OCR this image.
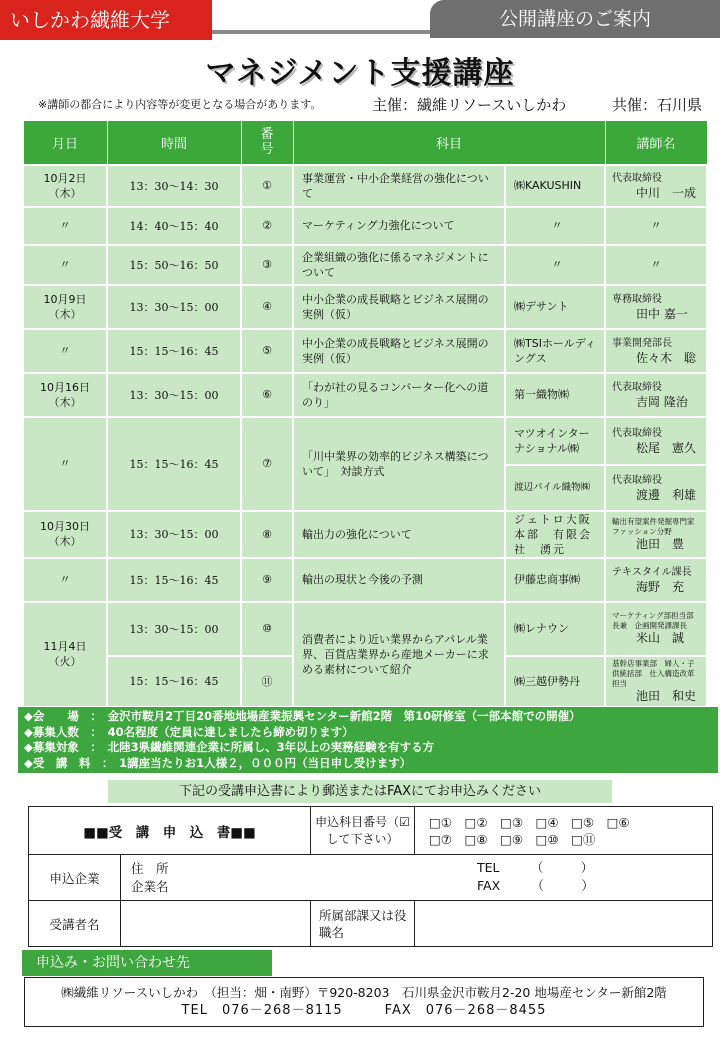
いしかわ繊維大学	公開講座のご案内
マネジメント支援講座
※講師の都合により内容等が変更となる場合があります。	主催：繊維リソースいしかわ	共催：石川県
月日	時間	番号	科目		講師名
10月2日（木）	13：30〜14：30	①	事業運営・中小企業経営の強化について	㈱KAKUSHIN	代表取締役
中川　一成

〃	14：40〜15：40	②	マーケティング力強化について	〃	〃
〃	15：50〜16：50	③	企業組織の強化に係るマネジメントについて	〃	〃
10月9日（木）	13：30〜15：00	④	中小企業の成長戦略とビジネス展開の実例（仮）	㈱デサント	専務取締役
田中 嘉一

〃	15：15〜16：45	⑤	中小企業の成長戦略とビジネス展開の実例（仮）	㈱TSIホールディングス	事業開発部長
佐々木　聡

10月16日（木）	13：30〜15：00	⑥	「わが社の見るコンバーター化への道のり」	第一織物㈱	代表取締役
吉岡 隆治

〃	15：15〜16：45	⑦	「川中業界の効率的ビジネス構築について」　対談方式	マツオインターナショナル㈱	代表取締役
松尾　憲久

				渡辺パイル織物㈱	代表取締役
渡邊　利雄

10月30日（木）	13：30〜15：00	⑧	輸出力の強化について	ジェトロ大阪本部　有限会社　湧元	輸出有望案件発掘専門家　ファッション分野
池田　豊

〃	15：15〜16：45	⑨	輸出の現状と今後の予測	伊藤忠商事㈱	テキスタイル課長
海野　充

11月4日（火）	13：30〜15：00	⑩	消費者により近い業界からアパレル業界、百貨店業界から産地メーカーに求める素材について紹介	㈱レナウン	マーケティング部担当部長兼　企画開発課課長
米山　誠

	15：15〜16：45	⑪		㈱三越伊勢丹	基幹店事業部　婦人・子供統括部　仕入構造改革担当
池田　和史
◆会　　場　：　金沢市鞍月2丁目20番地地場産業振興センター新館2階　第10研修室（一部本館での開催）
◆募集人数　：　40名程度（定員に達しましたら締め切ります）
◆募集対象　：　北陸3県繊維関連企業に所属し、3年以上の実務経験を有する方
◆受　講　料　：　1講座当たりお1人様２，０００円（当日申し受けます）
下記の受講申込書により郵送またはFAXにてお申込みください
■■受　講　申　込　書■■		申込科目番号（☑して下さい）	□①　□②　□③　□④　□⑤　□⑥
□⑦　□⑧　□⑨　□⑩　□⑪

申込企業	住　所
企業名
TEL　　　（　　　）
FAX　　　（　　　）		

受講者名		所属部課又は役職名	
申込み・お問い合わせ先
㈱繊維リソースいしかわ　（担当：畑・南野）〒920-8203　石川県金沢市鞍月2-20 地場産センター新館2階
TEL　076－268－8115　　　FAX　076－268－8455
